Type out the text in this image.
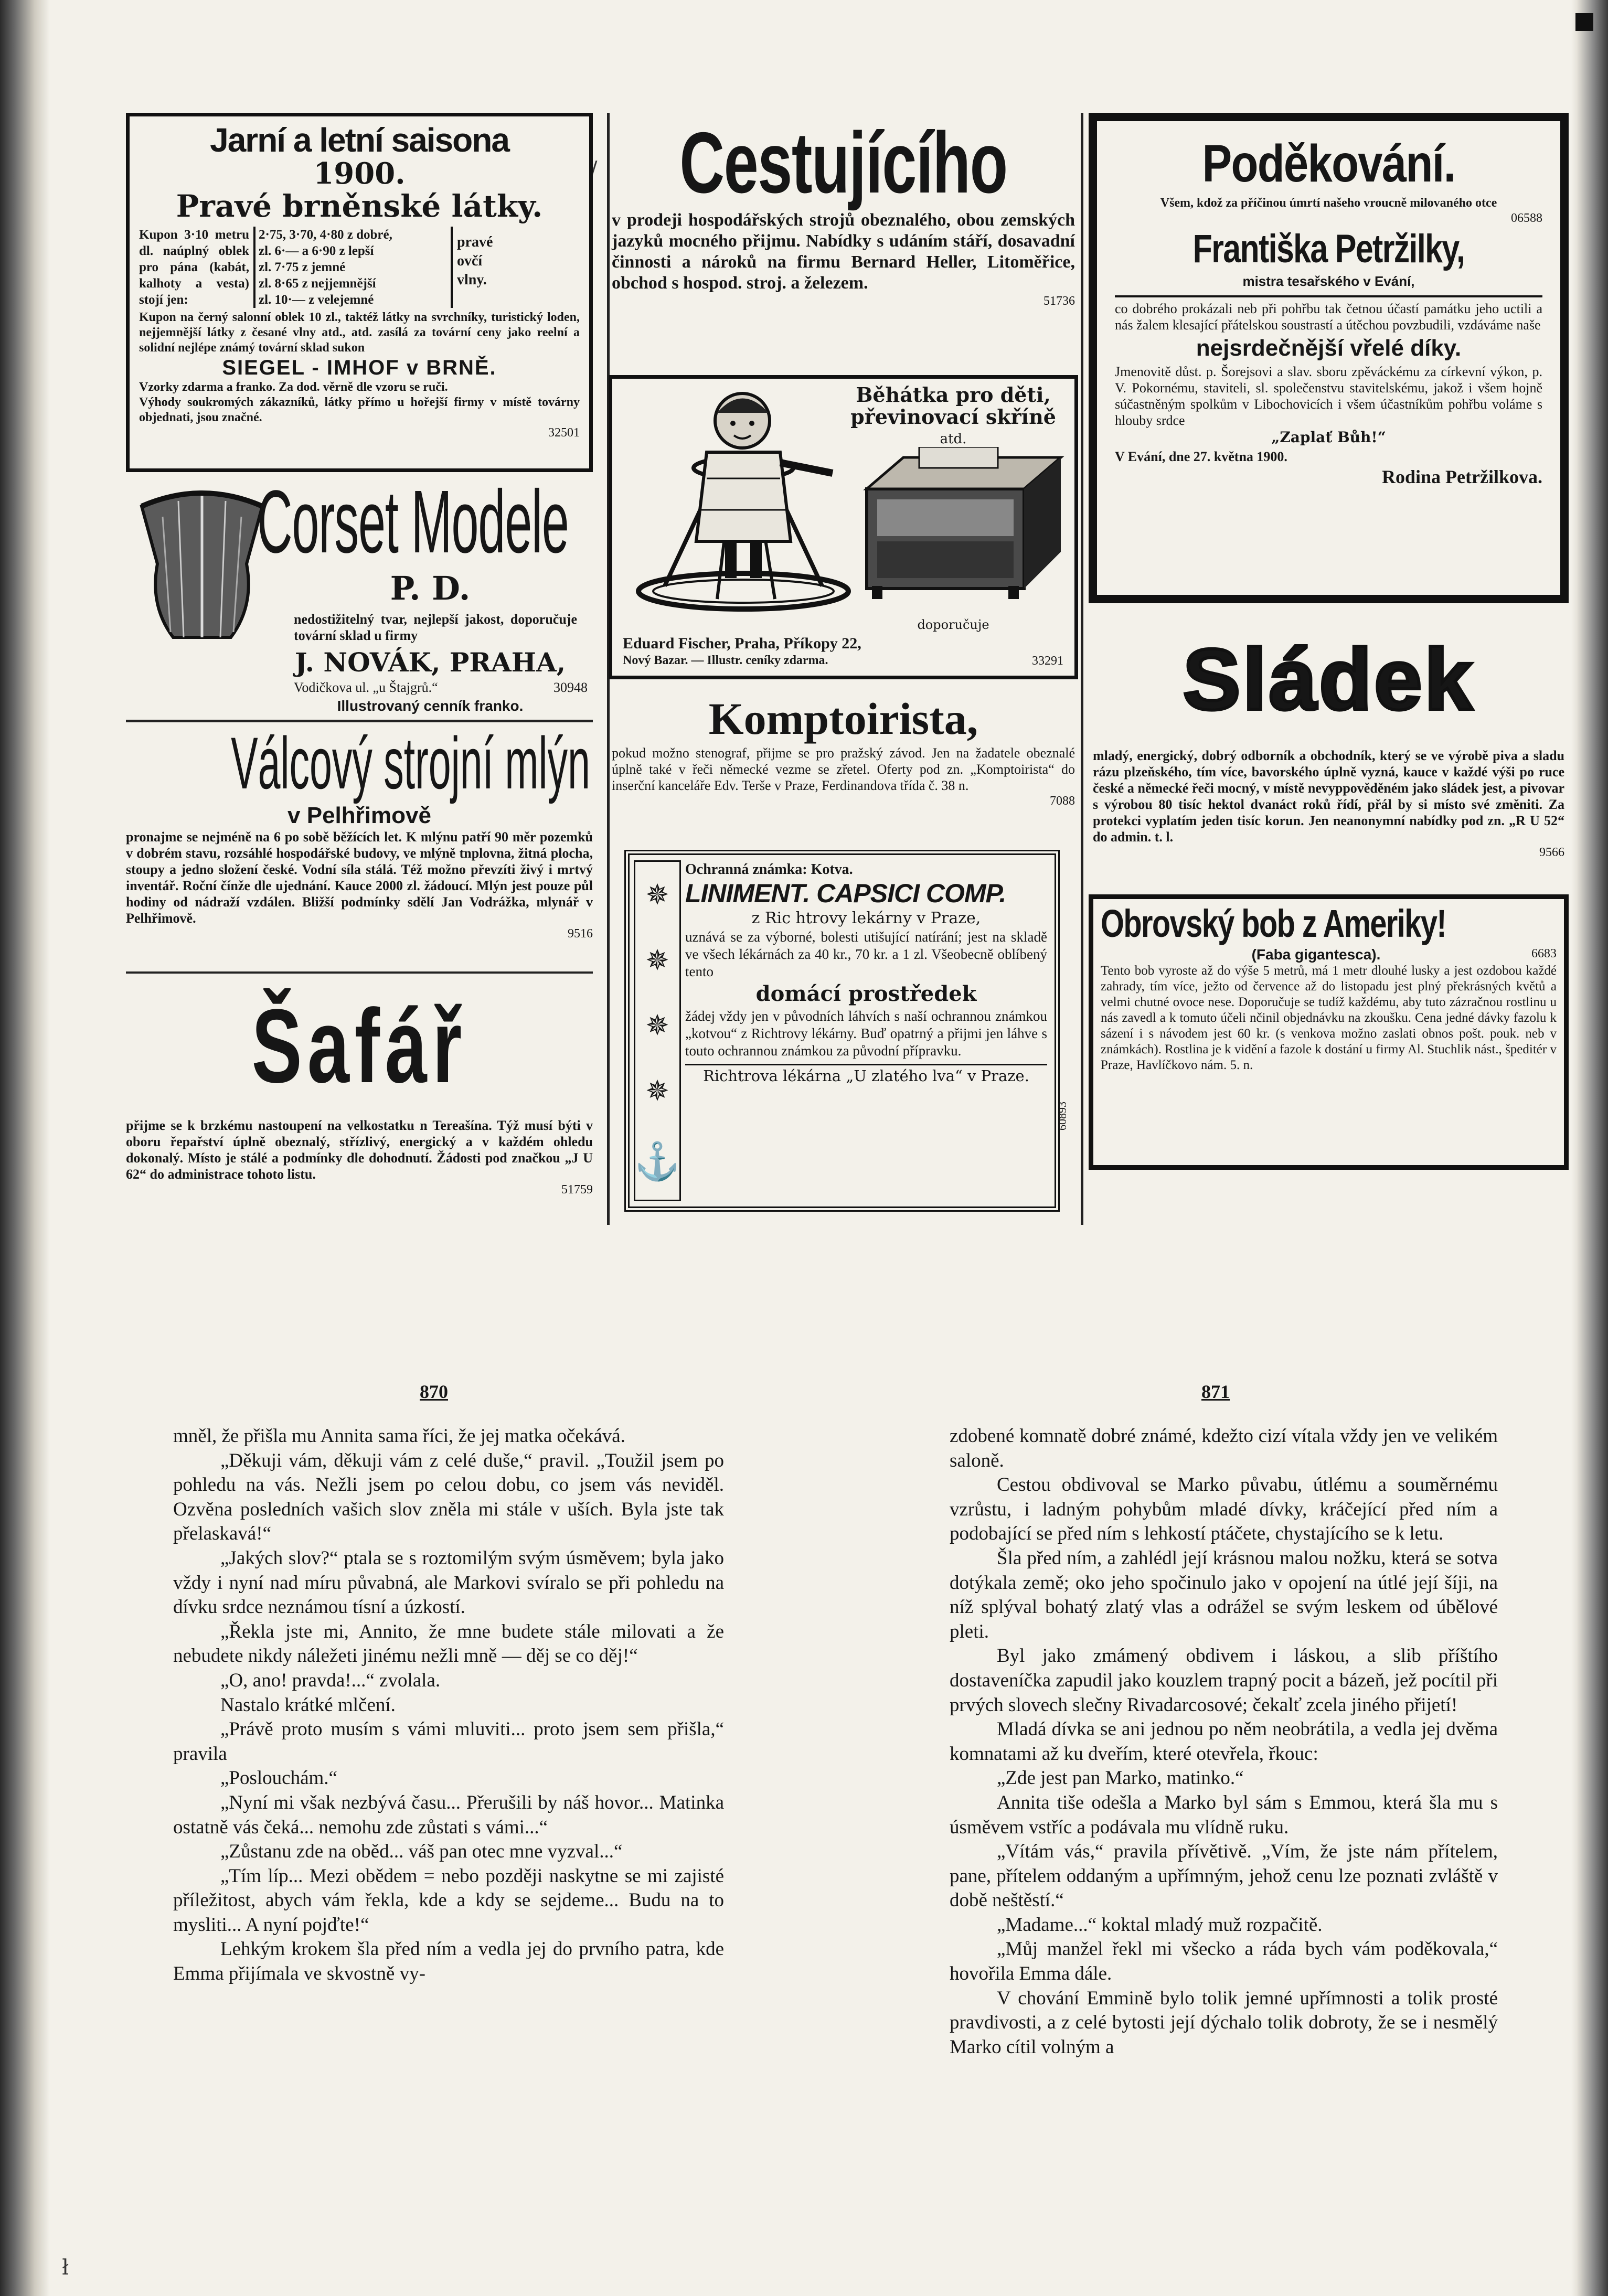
/
ł
Jarní a letní saisona
1900.
Pravé brněnské látky.
Kupon 3·10 metru dl. naúplný oblek pro pána (kabát, kalhoty a vesta) stojí jen:
2·75, 3·70, 4·80 z dobré,
zl. 6·— a 6·90 z lepší
zl. 7·75 z jemné
zl. 8·65 z nejjemnější
zl. 10·— z velejemné
pravé ovčí vlny.
Kupon na černý salonní oblek 10 zl., taktéž látky na svrchníky, turistický loden, nejjemnější látky z česané vlny atd., atd. zasílá za tovární ceny jako reelní a solidní nejlépe známý tovární sklad sukon
SIEGEL - IMHOF v BRNĚ.
Vzorky zdarma a franko. Za dod. věrně dle vzoru se ruči.
Výhody soukromých zákazníků, látky přímo u hořejší firmy v místě továrny objednati, jsou značné.
32501
Cestujícího
v prodeji hospodářských strojů obeznalého, obou zemských jazyků mocného přijmu. Nabídky s udáním stáří, dosavadní činnosti a nároků na firmu Bernard Heller, Litoměřice, obchod s hospod. stroj. a železem.
51736
Běhátka pro děti, převinovací skříně
atd.
doporučuje
Eduard Fischer, Praha, Příkopy 22,
Nový Bazar. — Illustr. ceníky zdarma.	33291
Poděkování.
Všem, kdož za příčinou úmrtí našeho vroucně milovaného otce
06588
Františka Petržilky,
mistra tesařského v Evání,
co dobrého prokázali neb při pohřbu tak četnou účastí památku jeho uctili a nás žalem klesající přátelskou soustrastí a útěchou povzbudili, vzdáváme naše
nejsrdečnější vřelé díky.
Jmenovitě důst. p. Šorejsovi a slav. sboru zpěváckému za církevní výkon, p. V. Pokornému, staviteli, sl. společenstvu stavitelskému, jakož i všem hojně súčastněným spolkům v Libochovicích i všem účastníkům pohřbu voláme s hlouby srdce
„Zaplať Bůh!“
V Evání, dne 27. května 1900.
Rodina Petržilkova.
Corset Modele
P. D.
nedostižitelný tvar, nejlepší jakost, doporučuje tovární sklad u firmy
J. NOVÁK, PRAHA,
Vodičkova ul. „u Štajgrů.“	30948
Illustrovaný cenník franko.	Sládek
mladý, energický, dobrý odborník a obchodník, který se ve výrobě piva a sladu rázu plzeňského, tím více, bavorského úplně vyzná, kauce v každé výši po ruce české a německé řeči mocný, v místě nevyppověděném jako sládek jest, a pivovar s výrobou 80 tisíc hektol dvanáct roků řídí, přál by si místo své změniti. Za protekci vyplatím jeden tisíc korun. Jen neanonymní nabídky pod zn. „R U 52“ do admin. t. l.
9566
Komptoirista,
pokud možno stenograf, přijme se pro pražský závod. Jen na žadatele obeznalé úplně také v řeči německé vezme se zřetel. Oferty pod zn. „Komptoirista“ do inserční kanceláře Edv. Terše v Praze, Ferdinandova třída č. 38 n.
7088
Válcový strojní mlýn
v Pelhřimově
pronajme se nejméně na 6 po sobě běžících let. K mlýnu patří 90 měr pozemků v dobrém stavu, rozsáhlé hospodářské budovy, ve mlýně tnplovna, žitná plocha, stoupy a jedno složení české. Vodní síla stálá. Též možno převzíti živý i mrtvý inventář. Roční čínže dle ujednání. Kauce 2000 zl. žádoucí. Mlýn jest pouze půl hodiny od nádraží vzdálen. Bližší podmínky sdělí Jan Vodrážka, mlynář v Pelhřimově.
9516
✵
✵
✵
✵
⚓
Ochranná známka: Kotva.
LINIMENT. CAPSICI COMP.
z Ric htrovy lekárny v Praze,
uznává se za výborné, bolesti utišující natírání; jest na skladě ve všech lékárnách za 40 kr., 70 kr. a 1 zl. Všeobecně oblíbený tento
domácí prostředek
žádej vždy jen v původních láhvích s naší ochrannou známkou „kotvou“ z Richtrovy lékárny. Buď opatrný a přijmi jen láhve s touto ochrannou známkou za původní přípravku.
Richtrova lékárna „U zlatého lva“ v Praze.
60893
Obrovský bob z Ameriky!
(Faba gigantesca).	6683
Tento bob vyroste až do výše 5 metrů, má 1 metr dlouhé lusky a jest ozdobou každé zahrady, tím více, ježto od července až do listopadu jest plný překrásných květů a velmi chutné ovoce nese. Doporučuje se tudíž každému, aby tuto zázračnou rostlinu u nás zavedl a k tomuto účeli nčinil objednávku na zkoušku. Cena jedné dávky fazolu k sázení i s návodem jest 60 kr. (s venkova možno zaslati obnos pošt. pouk. neb v známkách). Rostlina je k vidění a fazole k dostání u firmy Al. Stuchlik nást., špeditér v Praze, Havlíčkovo nám. 5. n.
Šafář
přijme se k brzkému nastoupení na velkostatku n Tereašína. Týž musí býti v oboru řepařství úplně obeznalý, střízlivý, energický a v každém ohledu dokonalý. Místo je stálé a podmínky dle dohodnutí. Žádosti pod značkou „J U 62“ do administrace tohoto listu.
51759
870	871

mněl, že přišla mu Annita sama říci, že jej matka očekává.

„Děkuji vám, děkuji vám z celé duše,“ pravil. „Toužil jsem po pohledu na vás. Nežli jsem po celou dobu, co jsem vás neviděl. Ozvěna posledních vašich slov zněla mi stále v uších. Byla jste tak přelaskavá!“

„Jakých slov?“ ptala se s roztomilým svým úsměvem; byla jako vždy i nyní nad míru půvabná, ale Markovi svíralo se při pohledu na dívku srdce neznámou tísní a úzkostí.

„Řekla jste mi, Annito, že mne budete stále milovati a že nebudete nikdy náležeti jinému nežli mně — děj se co děj!“

„O, ano! pravda!...“ zvolala.

Nastalo krátké mlčení.

„Právě proto musím s vámi mluviti... proto jsem sem přišla,“ pravila

„Poslouchám.“

„Nyní mi však nezbývá času... Přerušili by náš hovor... Matinka ostatně vás čeká... nemohu zde zůstati s vámi...“

„Zůstanu zde na oběd... váš pan otec mne vyzval...“

„Tím líp... Mezi obědem = nebo později naskytne se mi zajisté příležitost, abych vám řekla, kde a kdy se sejdeme... Budu na to mysliti... A nyní pojďte!“

Lehkým krokem šla před ním a vedla jej do prvního patra, kde Emma přijímala ve skvostně vy-

zdobené komnatě dobré známé, kdežto cizí vítala vždy jen ve velikém saloně.

Cestou obdivoval se Marko půvabu, útlému a souměrnému vzrůstu, i ladným pohybům mladé dívky, kráčející před ním a podobající se před ním s lehkostí ptáčete, chystajícího se k letu.

Šla před ním, a zahlédl její krásnou malou nožku, která se sotva dotýkala země; oko jeho spočinulo jako v opojení na útlé její šíji, na níž splýval bohatý zlatý vlas a odrážel se svým leskem od úbělové pleti.

Byl jako zmámený obdivem i láskou, a slib příštího dostaveníčka zapudil jako kouzlem trapný pocit a bázeň, jež pocítil při prvých slovech slečny Rivadarcosové; čekalť zcela jiného přijetí!

Mladá dívka se ani jednou po něm neobrátila, a vedla jej dvěma komnatami až ku dveřím, které otevřela, řkouc:

„Zde jest pan Marko, matinko.“

Annita tiše odešla a Marko byl sám s Emmou, která šla mu s úsměvem vstříc a podávala mu vlídně ruku.

„Vítám vás,“ pravila přívětivě. „Vím, že jste nám přítelem, pane, přítelem oddaným a upřímným, jehož cenu lze poznati zvláště v době neštěstí.“

„Madame...“ koktal mladý muž rozpačitě.

„Můj manžel řekl mi všecko a ráda bych vám poděkovala,“ hovořila Emma dále.

V chování Emmině bylo tolik jemné upřímnosti a tolik prosté pravdivosti, a z celé bytosti její dýchalo tolik dobroty, že se i nesmělý Marko cítil volným a
